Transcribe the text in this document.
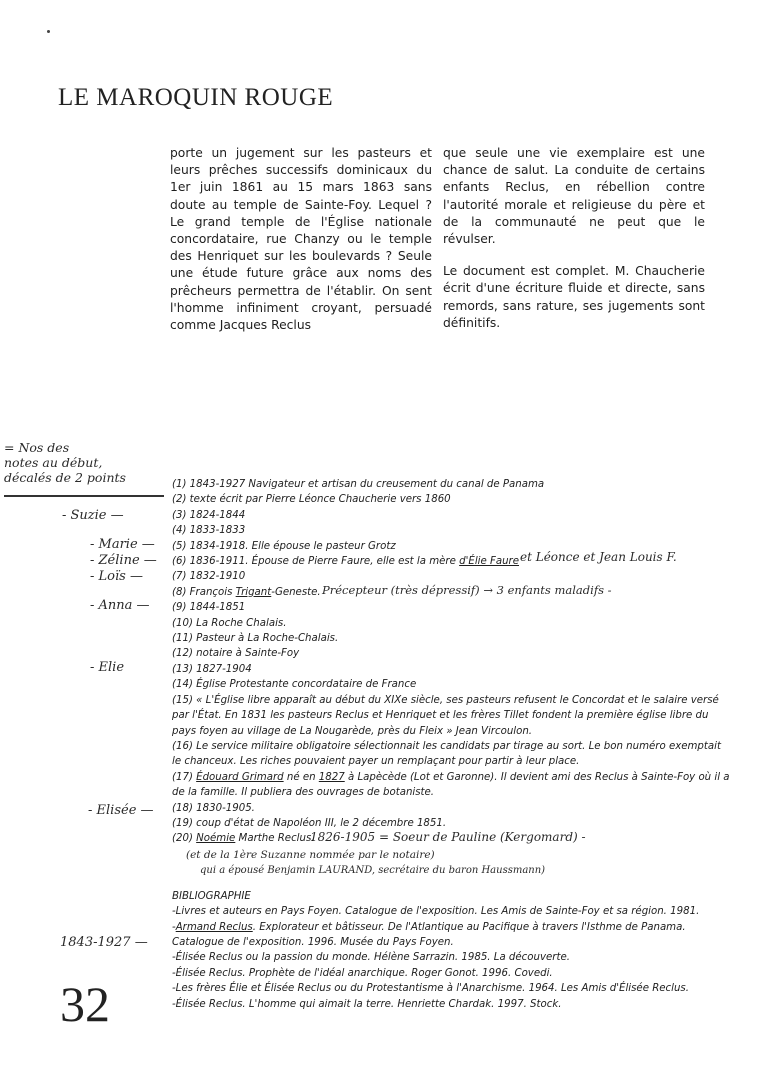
LE MAROQUIN ROUGE

porte un jugement sur les pasteurs et leurs prêches successifs dominicaux du 1er juin 1861 au 15 mars 1863 sans doute au temple de Sainte-Foy. Lequel ? Le grand temple de l'Église nationale concordataire, rue Chanzy ou le temple des Henriquet sur les boulevards ? Seule une étude future grâce aux noms des prêcheurs permettra de l'établir. On sent l'homme infiniment croyant, persuadé comme Jacques Reclus

que seule une vie exemplaire est une chance de salut. La conduite de certains enfants Reclus, en rébellion contre l'autorité morale et religieuse du père et de la communauté ne peut que le révulser.

Le document est complet. M. Chaucherie écrit d'une écriture fluide et directe, sans remords, sans rature, ses jugements sont définitifs.

= Nos des
notes au début,
décalés de 2 points
- Suzie —
- Marie —
- Zéline —
- Loïs —
- Anna —
- Elie
- Elisée —
et Léonce et Jean Louis F.
Précepteur (très dépressif) → 3 enfants maladifs -
1826-1905 = Soeur de Pauline (Kergomard) -
(et de la 1ère Suzanne nommée par le notaire)
qui a épousé Benjamin LAURAND, secrétaire du baron Haussmann)
1843-1927 —
(1) 1843-1927 Navigateur et artisan du creusement du canal de Panama
(2) texte écrit par Pierre Léonce Chaucherie vers 1860
(3) 1824-1844
(4) 1833-1833
(5) 1834-1918. Elle épouse le pasteur Grotz
(6) 1836-1911. Épouse de Pierre Faure, elle est la mère d'Élie Faure
(7) 1832-1910
(8) François Trigant-Geneste.
(9) 1844-1851
(10) La Roche Chalais.
(11) Pasteur à La Roche-Chalais.
(12) notaire à Sainte-Foy
(13) 1827-1904
(14) Église Protestante concordataire de France
(15) « L'Église libre apparaît au début du XIXe siècle, ses pasteurs refusent le Concordat et le salaire versé par l'État. En 1831 les pasteurs Reclus et Henriquet et les frères Tillet fondent la première église libre du pays foyen au village de La Nougarède, près du Fleix » Jean Vircoulon.
(16) Le service militaire obligatoire sélectionnait les candidats par tirage au sort. Le bon numéro exemptait le chanceux. Les riches pouvaient payer un remplaçant pour partir à leur place.
(17) Édouard Grimard né en 1827 à Lapècède (Lot et Garonne). Il devient ami des Reclus à Sainte-Foy où il a de la famille. Il publiera des ouvrages de botaniste.
(18) 1830-1905.
(19) coup d'état de Napoléon III, le 2 décembre 1851.
(20) Noémie Marthe Reclus.
BIBLIOGRAPHIE
-Livres et auteurs en Pays Foyen. Catalogue de l'exposition. Les Amis de Sainte-Foy et sa région. 1981.
-Armand Reclus. Explorateur et bâtisseur. De l'Atlantique au Pacifique à travers l'Isthme de Panama. Catalogue de l'exposition. 1996. Musée du Pays Foyen.
-Élisée Reclus ou la passion du monde. Hélène Sarrazin. 1985. La découverte.
-Élisée Reclus. Prophète de l'idéal anarchique. Roger Gonot. 1996. Covedi.
-Les frères Élie et Élisée Reclus ou du Protestantisme à l'Anarchisme. 1964. Les Amis d'Élisée Reclus.
-Élisée Reclus. L'homme qui aimait la terre. Henriette Chardak. 1997. Stock.
32
